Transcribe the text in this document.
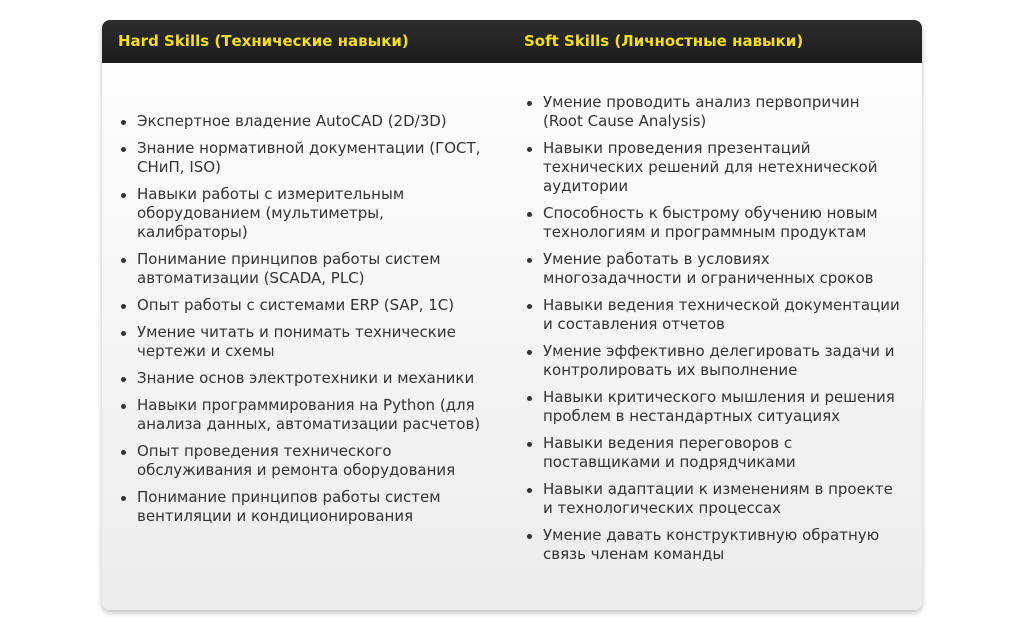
Hard Skills (Технические навыки)	Soft Skills (Личностные навыки)
Экспертное владение AutoCAD (2D/3D)
Знание нормативной документации (ГОСТ, СНиП, ISO)
Навыки работы с измерительным оборудованием (мультиметры, калибраторы)
Понимание принципов работы систем автоматизации (SCADA, PLC)
Опыт работы с системами ERP (SAP, 1C)
Умение читать и понимать технические чертежи и схемы
Знание основ электротехники и механики
Навыки программирования на Python (для анализа данных, автоматизации расчетов)
Опыт проведения технического обслуживания и ремонта оборудования
Понимание принципов работы систем вентиляции и кондиционирования
Умение проводить анализ первопричин (Root Cause Analysis)
Навыки проведения презентаций технических решений для нетехнической аудитории
Способность к быстрому обучению новым технологиям и программным продуктам
Умение работать в условиях многозадачности и ограниченных сроков
Навыки ведения технической документации и составления отчетов
Умение эффективно делегировать задачи и контролировать их выполнение
Навыки критического мышления и решения проблем в нестандартных ситуациях
Навыки ведения переговоров с поставщиками и подрядчиками
Навыки адаптации к изменениям в проекте и технологических процессах
Умение давать конструктивную обратную связь членам команды
